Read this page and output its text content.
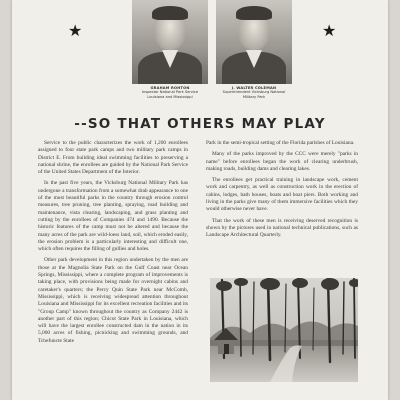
★
GRAHAM ROHTON
Inspector National Park Service
Louisiana and Mississippi
J. WALTER COLEMAN
Superintendent Vicksburg National
Military Park
★
--SO THAT OTHERS MAY PLAY

Service to the public characterizes the work of 1,200 enrollees assigned to four state park camps and two military park camps in District E. From building ideal swimming facilities to preserving a national shrine, the enrollees are guided by the National Park Service of the United States Department of the Interior.

In the past five years, the Vicksburg National Military Park has undergone a transformation from a somewhat drab appearance to one of the most beautiful parks in the country through erosion control measures, tree pruning, tree planting, spraying, road building and maintenance, vista clearing, landscaping, and grass planting and cutting by the enrollees of Companies 474 and 1490. Because the historic features of the camp must not be altered and because the many acres of the park are wild-loess land, soil, which eroded easily, the erosion problem is a particularly interesting and difficult one, which often requires the filling of gullies and holes.

Other park development in this region undertaken by the men are those at the Magnolia State Park on the Gulf Coast near Ocean Springs, Mississippi, where a complete program of improvements is taking place, with provisions being made for overnight cabins and caretaker's quarters; the Percy Quin State Park near McComb, Mississippi, which is receiving widespread attention throughout Louisiana and Mississippi for its excellent recreation facilities and its "Group Camp" known throughout the country as Company 2442 is another part of this region; Chicot State Park in Louisiana, which will have the largest enrollee constructed dam in the nation in its 5,000 acres of fishing, picnicking and swimming grounds, and Tchefuncte State

Park in the semi-tropical setting of the Florida parishes of Louisiana.

Many of the parks improved by the CCC were merely "parks in name" before enrollees began the work of clearing underbrush, making roads, building dams and clearing lakes.

The enrollees get practical training in landscape work, cement work and carpentry, as well as construction work in the erection of cabins, lodges, bath houses, boats and boat piers. Both working and living in the parks give many of them immersive facilities which they would otherwise never have.

That the work of these men is receiving deserved recognition is shown by the pictures used in national technical publications, such as Landscape Architectural Quarterly.
